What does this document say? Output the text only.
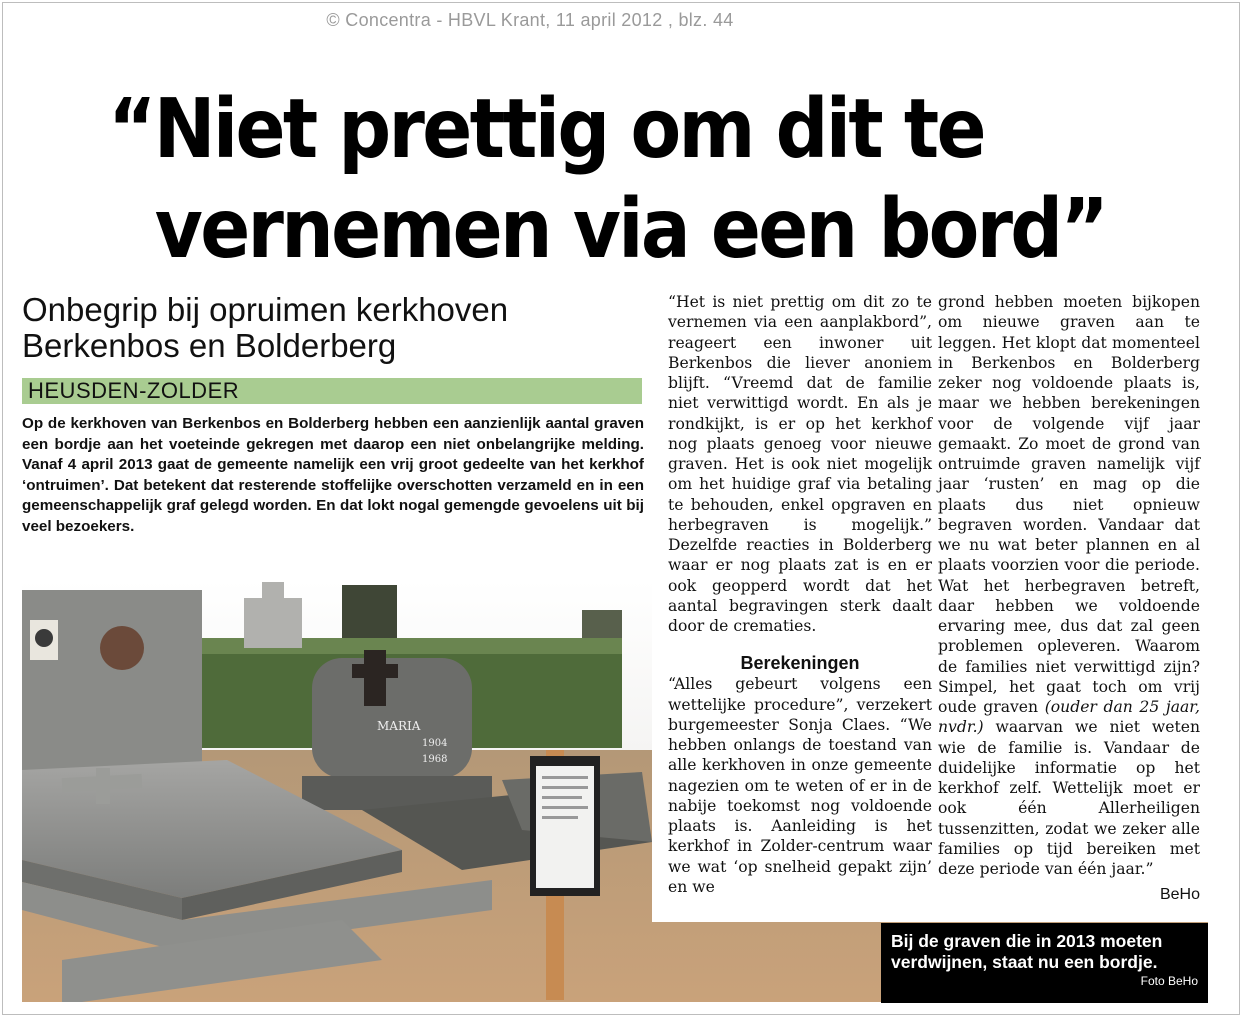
© Concentra - HBVL Krant, 11 april 2012 , blz. 44
“Niet prettig om dit te
vernemen via een bord”
Onbegrip bij opruimen kerkhoven
Berkenbos en Bolderberg
HEUSDEN-ZOLDER

Op de kerkhoven van Berkenbos en Bolderberg hebben een aanzienlijk aantal graven een bordje aan het voeteinde gekregen met daarop een niet onbelangrijke melding. Vanaf 4 april 2013 gaat de gemeente namelijk een vrij groot gedeelte van het kerkhof ‘ontruimen’. Dat betekent dat resterende stoffelijke overschotten verzameld en in een gemeenschappelijk graf gelegd worden. En dat lokt nogal gemengde gevoelens uit bij veel bezoekers.

MARIA
1904
1968

“Het is niet prettig om dit zo te vernemen via een aanplakbord”, reageert een inwoner uit Berkenbos die liever anoniem blijft. “Vreemd dat de familie niet verwittigd wordt. En als je rondkijkt, is er op het kerkhof nog plaats genoeg voor nieuwe graven. Het is ook niet mogelijk om het huidige graf via betaling te behouden, enkel opgraven en herbegraven is mogelijk.” Dezelfde reacties in Bolderberg waar er nog plaats zat is en er ook geopperd wordt dat het aantal begravingen sterk daalt door de crematies.

Berekeningen

“Alles gebeurt volgens een wettelijke procedure”, verzekert burgemeester Sonja Claes. “We hebben onlangs de toestand van alle kerkhoven in onze gemeente nagezien om te weten of er in de nabije toekomst nog voldoende plaats is. Aanleiding is het kerkhof in Zolder-centrum waar we wat ‘op snelheid gepakt zijn’ en we

grond hebben moeten bijkopen om nieuwe graven aan te leggen. Het klopt dat momenteel in Berkenbos en Bolderberg zeker nog voldoende plaats is, maar we hebben berekeningen voor de volgende vijf jaar gemaakt. Zo moet de grond van ontruimde graven namelijk vijf jaar ‘rusten’ en mag op die plaats dus niet opnieuw begraven worden. Vandaar dat we nu wat beter plannen en al plaats voorzien voor die periode. Wat het herbegraven betreft, daar hebben we voldoende ervaring mee, dus dat zal geen problemen opleveren. Waarom de families niet verwittigd zijn? Simpel, het gaat toch om vrij oude graven (ouder dan 25 jaar, nvdr.) waarvan we niet weten wie de familie is. Vandaar de duidelijke informatie op het kerkhof zelf. Wettelijk moet er ook één Allerheiligen tussenzitten, zodat we zeker alle families op tijd bereiken met deze periode van één jaar.”

BeHo
Bij de graven die in 2013 moeten verdwijnen, staat nu een bordje.
Foto BeHo
